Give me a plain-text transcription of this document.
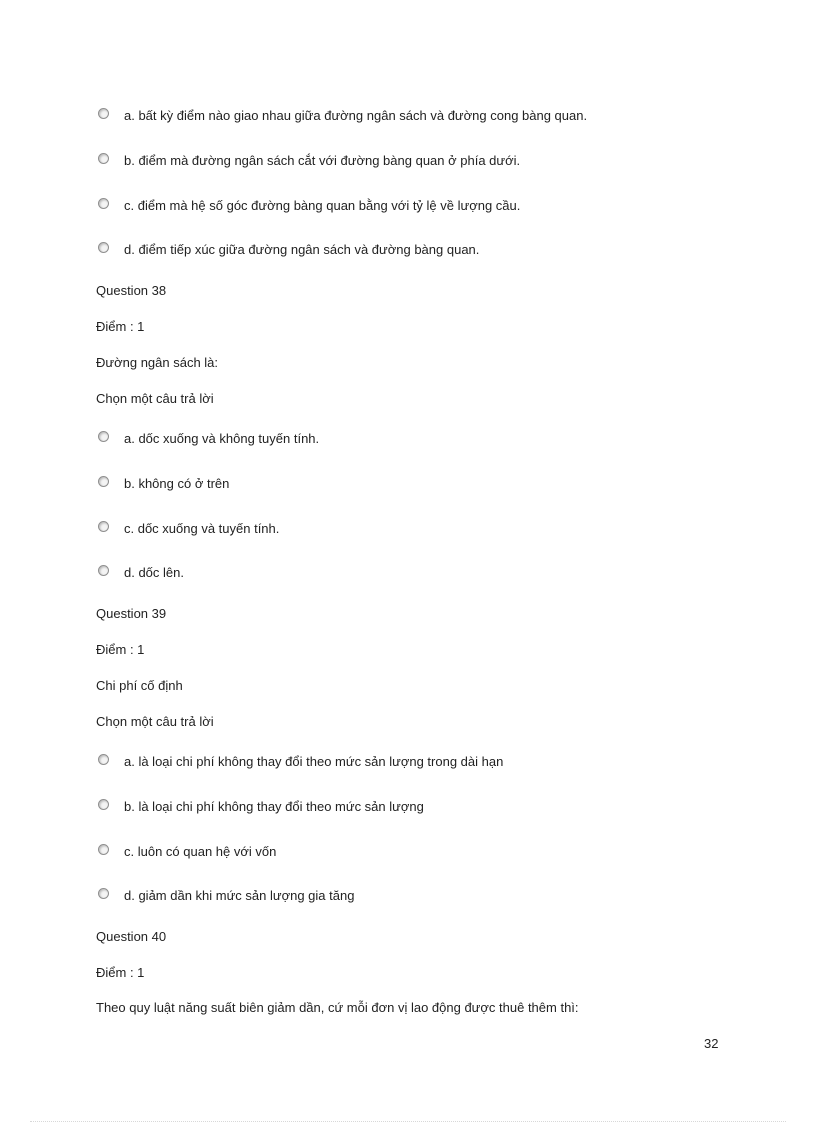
a. bất kỳ điểm nào giao nhau giữa đường ngân sách và đường cong bàng quan.
b. điểm mà đường ngân sách cắt với đường bàng quan ở phía dưới.
c. điểm mà hệ số góc đường bàng quan bằng với tỷ lệ về lượng cầu.
d. điểm tiếp xúc giữa đường ngân sách và đường bàng quan.
Question 38
Điểm : 1
Đường ngân sách là:
Chọn một câu trả lời
a. dốc xuống và không tuyến tính.
b. không có ở trên
c. dốc xuống và tuyến tính.
d. dốc lên.
Question 39
Điểm : 1
Chi phí cố định
Chọn một câu trả lời
a. là loại chi phí không thay đổi theo mức sản lượng trong dài hạn
b. là loại chi phí không thay đổi theo mức sản lượng
c. luôn có quan hệ với vốn
d. giảm dần khi mức sản lượng gia tăng
Question 40
Điểm : 1
Theo quy luật năng suất biên giảm dần, cứ mỗi đơn vị lao động được thuê thêm thì:
32
